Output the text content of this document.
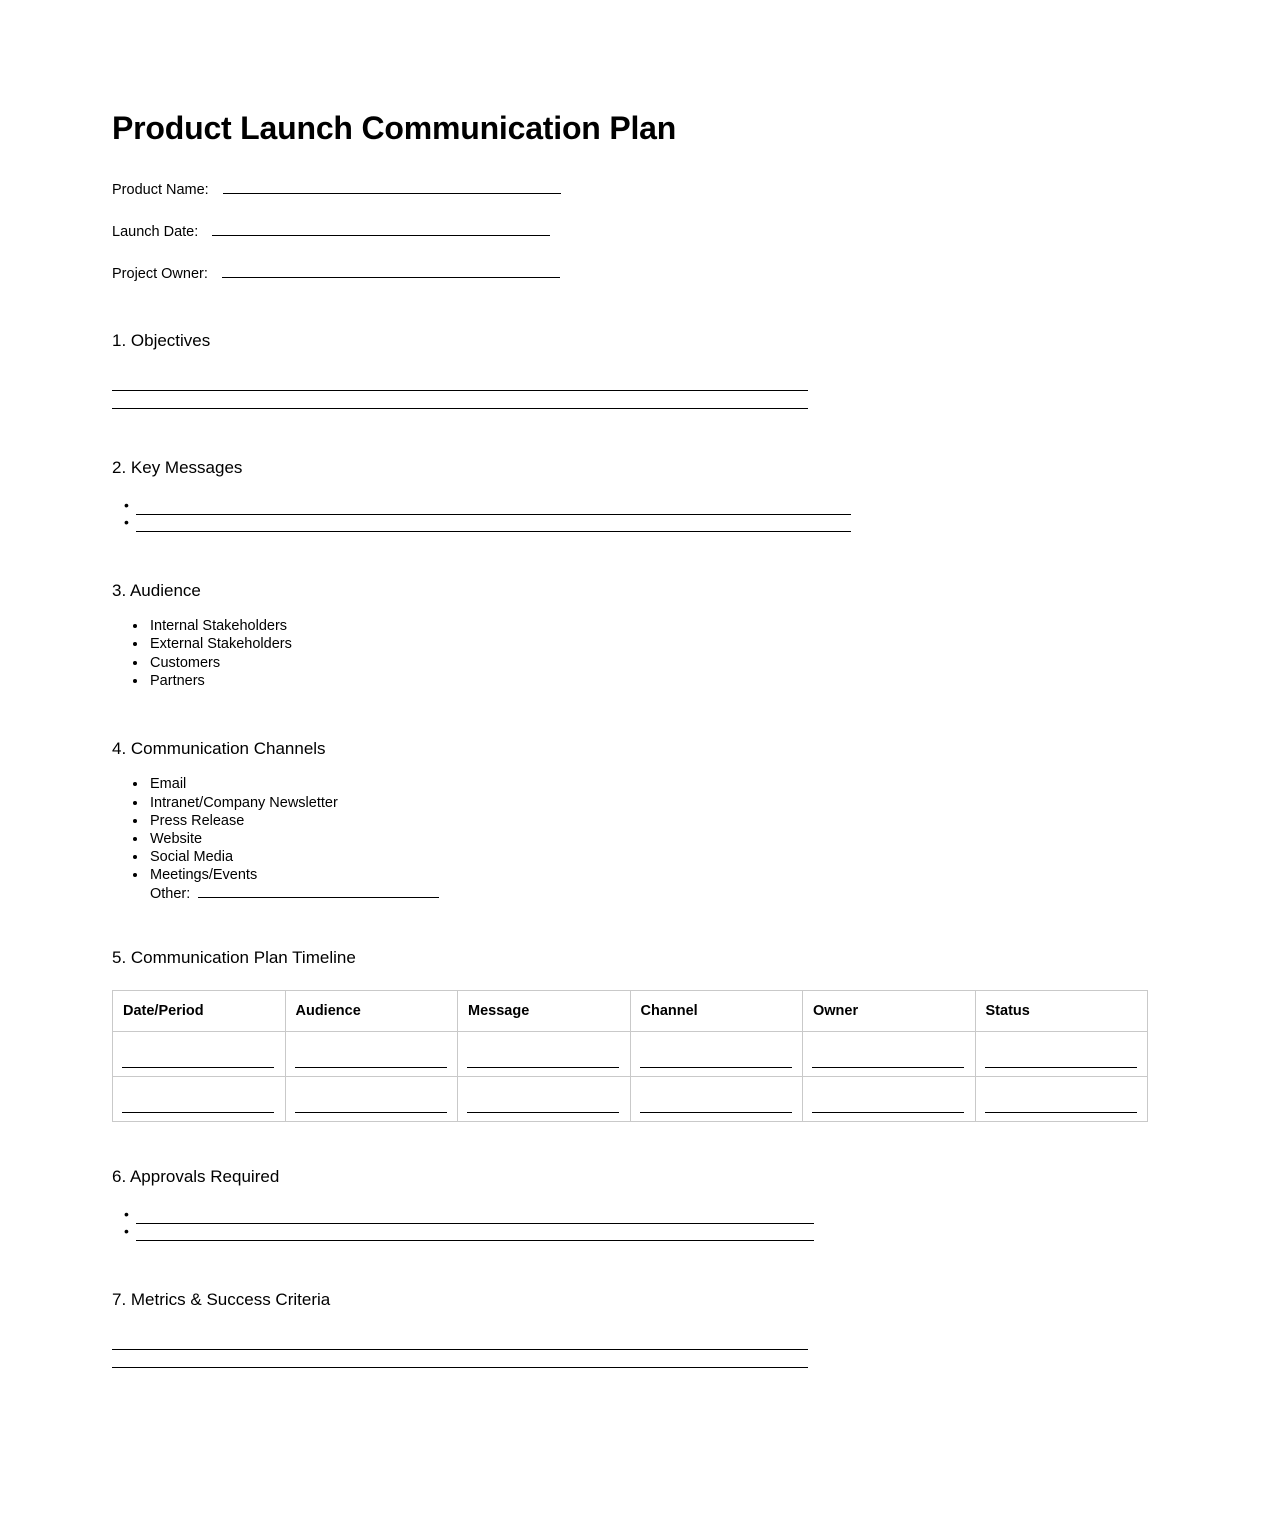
Product Launch Communication Plan
Product Name:
Launch Date:
Project Owner:
1. Objectives
2. Key Messages
•
•
3. Audience
• Internal Stakeholders
• External Stakeholders
• Customers
• Partners
4. Communication Channels
• Email
• Intranet/Company Newsletter
• Press Release
• Website
• Social Media
• Meetings/Events
Other:
5. Communication Plan Timeline
Date/Period	Audience	Message	Channel	Owner	Status

6. Approvals Required
•
•
7. Metrics & Success Criteria
